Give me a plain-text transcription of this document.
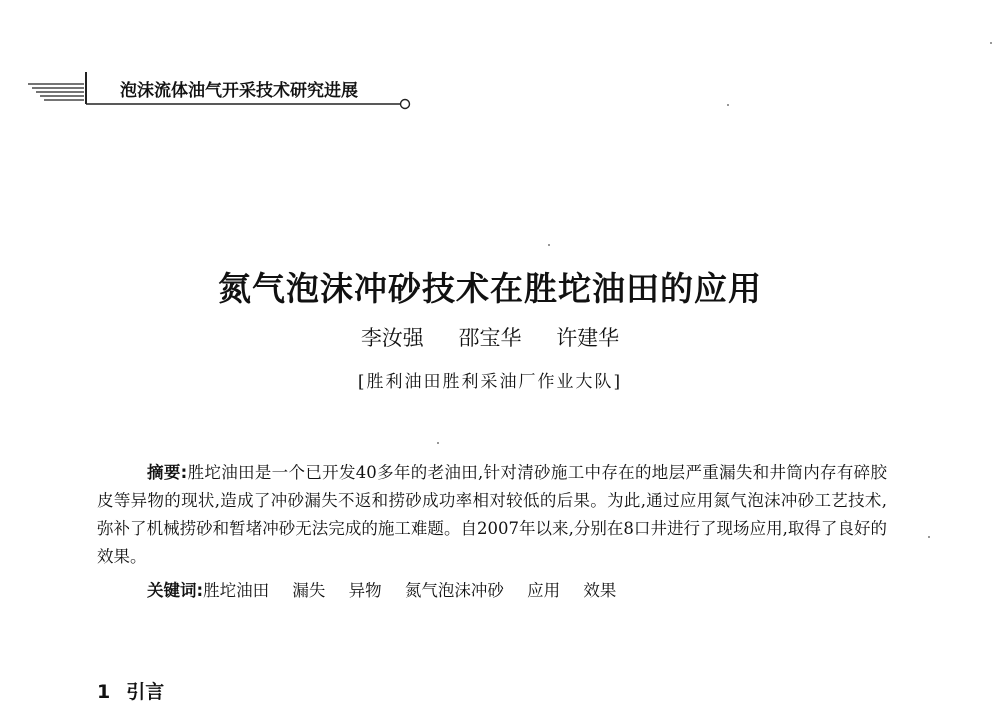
泡沫流体油气开采技术研究进展
氮气泡沫冲砂技术在胜坨油田的应用
李汝强 邵宝华 许建华
[胜利油田胜利采油厂作业大队]
摘要:胜坨油田是一个已开发40多年的老油田,针对清砂施工中存在的地层严重漏失和井筒内存有碎胶皮等异物的现状,造成了冲砂漏失不返和捞砂成功率相对较低的后果。为此,通过应用氮气泡沫冲砂工艺技术,弥补了机械捞砂和暂堵冲砂无法完成的施工难题。自2007年以来,分别在8口井进行了现场应用,取得了良好的效果。
关键词:胜坨油田 漏失 异物 氮气泡沫冲砂 应用 效果
1 引言
